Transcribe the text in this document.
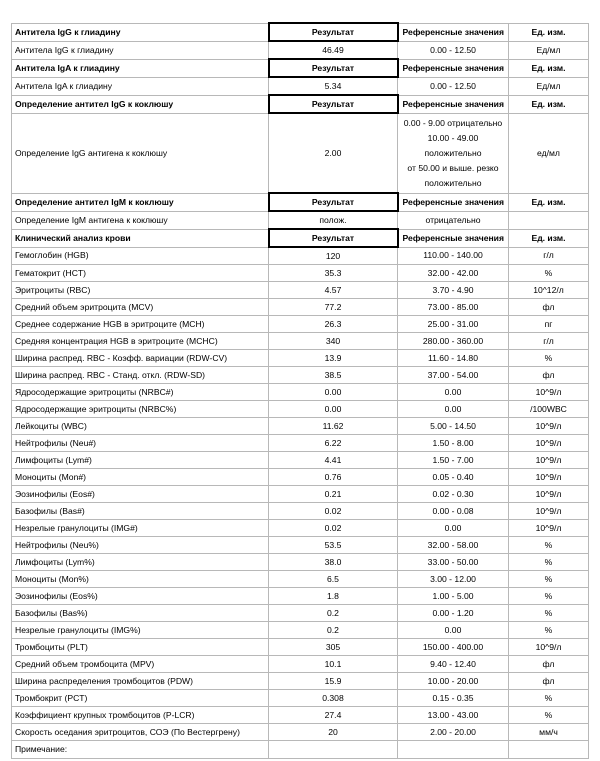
Антитела IgG к глиадину	Результат	Референсные значения	Ед. изм.
Антитела IgG к глиадину	46.49	0.00 - 12.50	Ед/мл
Антитела IgA к глиадину	Результат	Референсные значения	Ед. изм.
Антитела IgA к глиадину	5.34	0.00 - 12.50	Ед/мл
Определение антител IgG к коклюшу	Результат	Референсные значения	Ед. изм.
Определение IgG антигена к коклюшу	2.00	0.00 - 9.00 отрицательно
10.00 - 49.00
положительно
от 50.00 и выше. резко
положительно	ед/мл
Определение антител IgM к коклюшу	Результат	Референсные значения	Ед. изм.
Определение IgM антигена к коклюшу	полож.	отрицательно	
Клинический анализ крови	Результат	Референсные значения	Ед. изм.
Гемоглобин (HGB)	120	110.00 - 140.00	г/л
Гематокрит (HCT)	35.3	32.00 - 42.00	%
Эритроциты (RBC)	4.57	3.70 - 4.90	10^12/л
Средний объем эритроцита (MCV)	77.2	73.00 - 85.00	фл
Среднее содержание HGB в эритроците (MCH)	26.3	25.00 - 31.00	пг
Средняя концентрация HGB в эритроците (MCHC)	340	280.00 - 360.00	г/л
Ширина распред. RBC - Коэфф. вариации (RDW-CV)	13.9	11.60 - 14.80	%
Ширина распред. RBC - Станд. откл. (RDW-SD)	38.5	37.00 - 54.00	фл
Ядросодержащие эритроциты (NRBC#)	0.00	0.00	10^9/л
Ядросодержащие эритроциты (NRBC%)	0.00	0.00	/100WBC
Лейкоциты (WBC)	11.62	5.00 - 14.50	10^9/л
Нейтрофилы (Neu#)	6.22	1.50 - 8.00	10^9/л
Лимфоциты (Lym#)	4.41	1.50 - 7.00	10^9/л
Моноциты (Mon#)	0.76	0.05 - 0.40	10^9/л
Эозинофилы (Eos#)	0.21	0.02 - 0.30	10^9/л
Базофилы (Bas#)	0.02	0.00 - 0.08	10^9/л
Незрелые гранулоциты (IMG#)	0.02	0.00	10^9/л
Нейтрофилы (Neu%)	53.5	32.00 - 58.00	%
Лимфоциты (Lym%)	38.0	33.00 - 50.00	%
Моноциты (Mon%)	6.5	3.00 - 12.00	%
Эозинофилы (Eos%)	1.8	1.00 - 5.00	%
Базофилы (Bas%)	0.2	0.00 - 1.20	%
Незрелые гранулоциты (IMG%)	0.2	0.00	%
Тромбоциты (PLT)	305	150.00 - 400.00	10^9/л
Средний объем тромбоцита (MPV)	10.1	9.40 - 12.40	фл
Ширина распределения тромбоцитов (PDW)	15.9	10.00 - 20.00	фл
Тромбокрит (PCT)	0.308	0.15 - 0.35	%
Коэффициент крупных тромбоцитов (P-LCR)	27.4	13.00 - 43.00	%
Скорость оседания эритроцитов, СОЭ (По Вестергрену)	20	2.00 - 20.00	мм/ч
Примечание:			
